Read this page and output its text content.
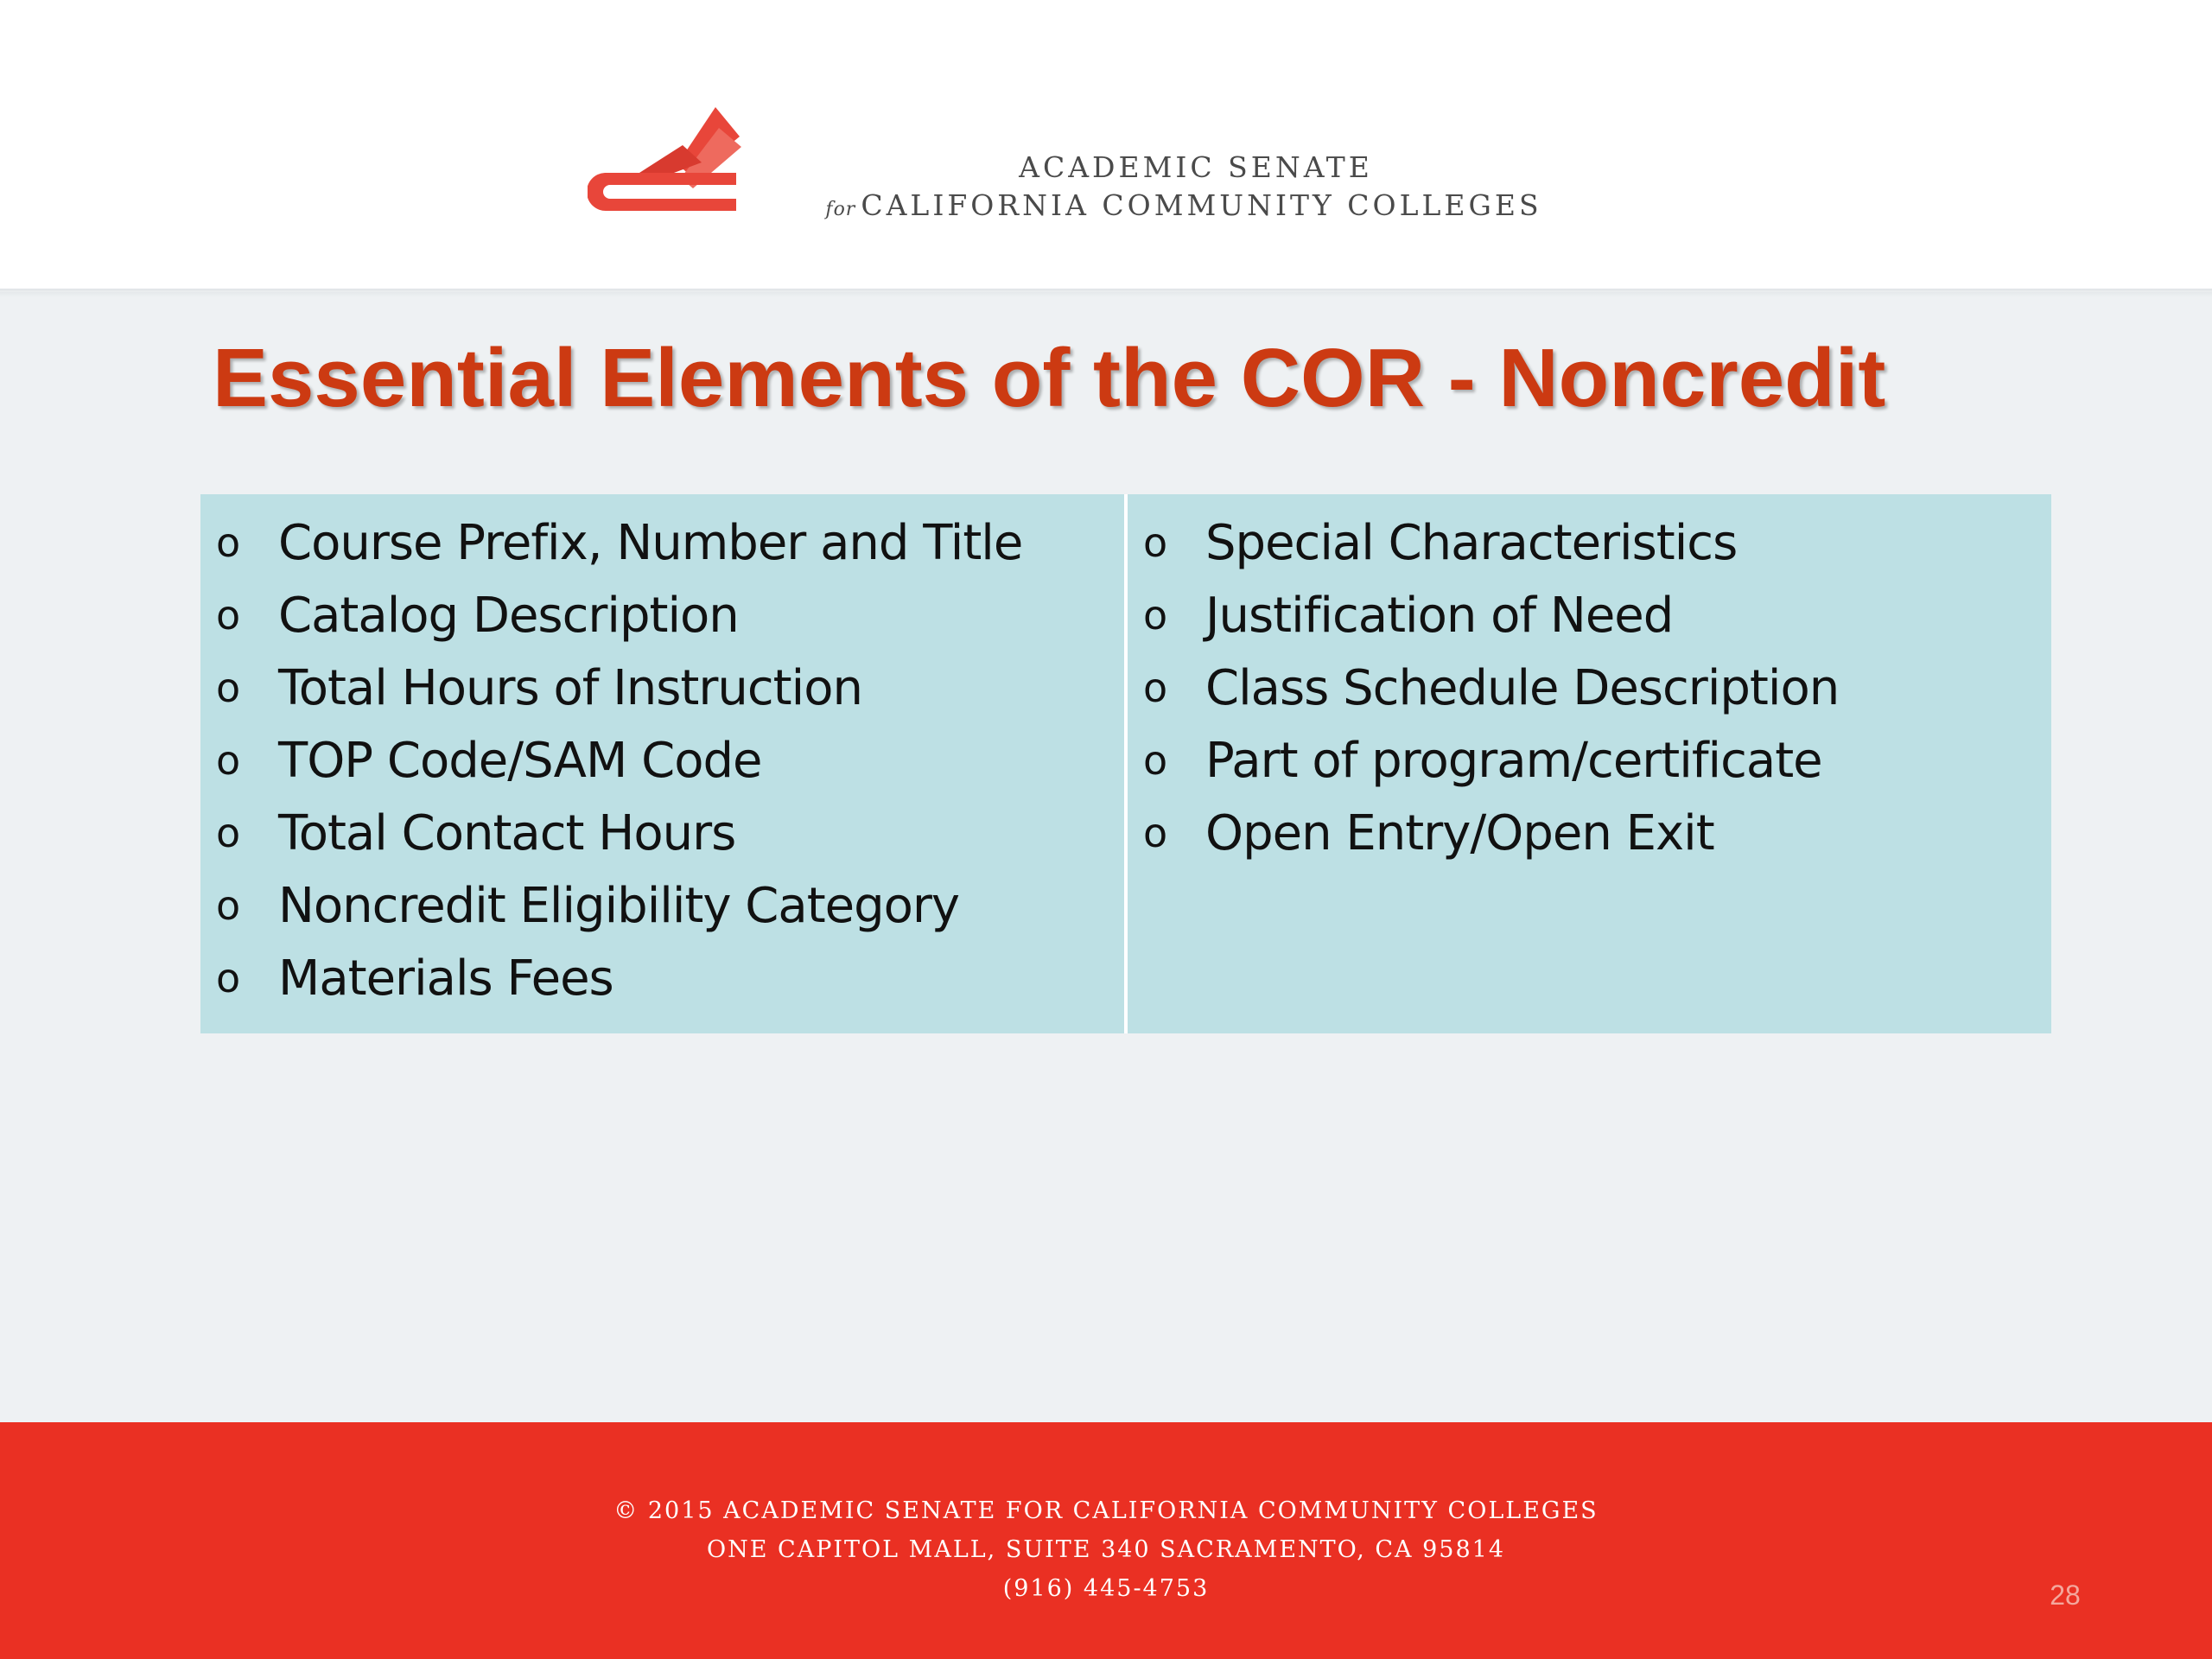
ACADEMIC SENATE
for CALIFORNIA COMMUNITY COLLEGES
Essential Elements of the COR - Noncredit
o Course Prefix, Number and Title
o Catalog Description
o Total Hours of Instruction
o TOP Code/SAM Code
o Total Contact Hours
o Noncredit Eligibility Category
o Materials Fees
o Special Characteristics
o Justification of Need
o Class Schedule Description
o Part of program/certificate
o Open Entry/Open Exit
© 2015 ACADEMIC SENATE FOR CALIFORNIA COMMUNITY COLLEGES
ONE CAPITOL MALL, SUITE 340 SACRAMENTO, CA 95814
(916) 445-4753	28
